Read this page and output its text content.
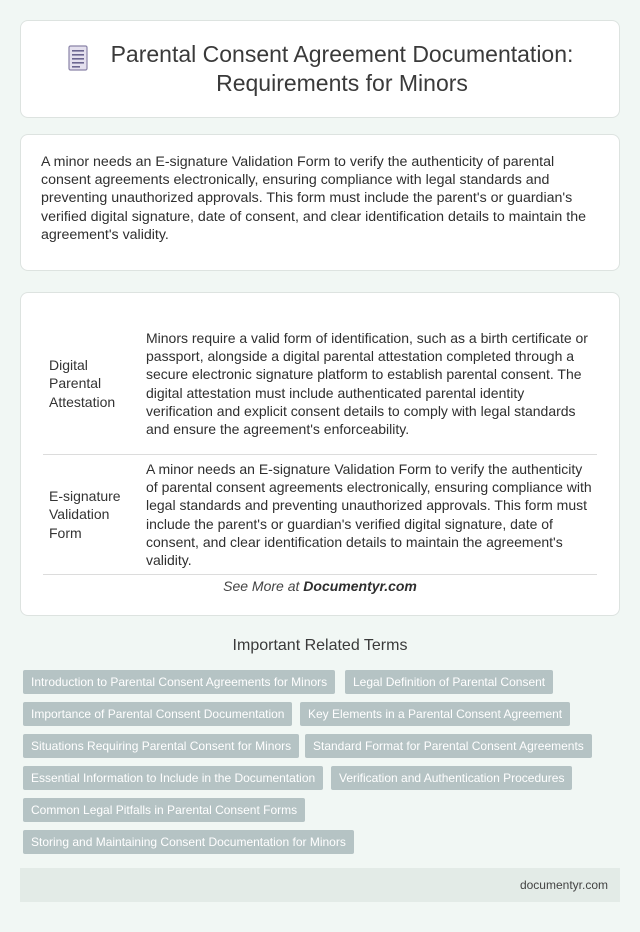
Parental Consent Agreement Documentation:
Requirements for Minors

A minor needs an E-signature Validation Form to verify the authenticity of parental consent agreements electronically, ensuring compliance with legal standards and preventing unauthorized approvals. This form must include the parent's or guardian's verified digital signature, date of consent, and clear identification details to maintain the agreement's validity.

Digital Parental Attestation
Minors require a valid form of identification, such as a birth certificate or passport, alongside a digital parental attestation completed through a secure electronic signature platform to establish parental consent. The digital attestation must include authenticated parental identity verification and explicit consent details to comply with legal standards and ensure the agreement's enforceability.
E-signature Validation Form
A minor needs an E-signature Validation Form to verify the authenticity of parental consent agreements electronically, ensuring compliance with legal standards and preventing unauthorized approvals. This form must include the parent's or guardian's verified digital signature, date of consent, and clear identification details to maintain the agreement's validity.
See More at Documentyr.com
Important Related Terms
Introduction to Parental Consent Agreements for Minors	Legal Definition of Parental Consent
Importance of Parental Consent Documentation	Key Elements in a Parental Consent Agreement
Situations Requiring Parental Consent for Minors	Standard Format for Parental Consent Agreements
Essential Information to Include in the Documentation	Verification and Authentication Procedures
Common Legal Pitfalls in Parental Consent Forms
Storing and Maintaining Consent Documentation for Minors
documentyr.com
